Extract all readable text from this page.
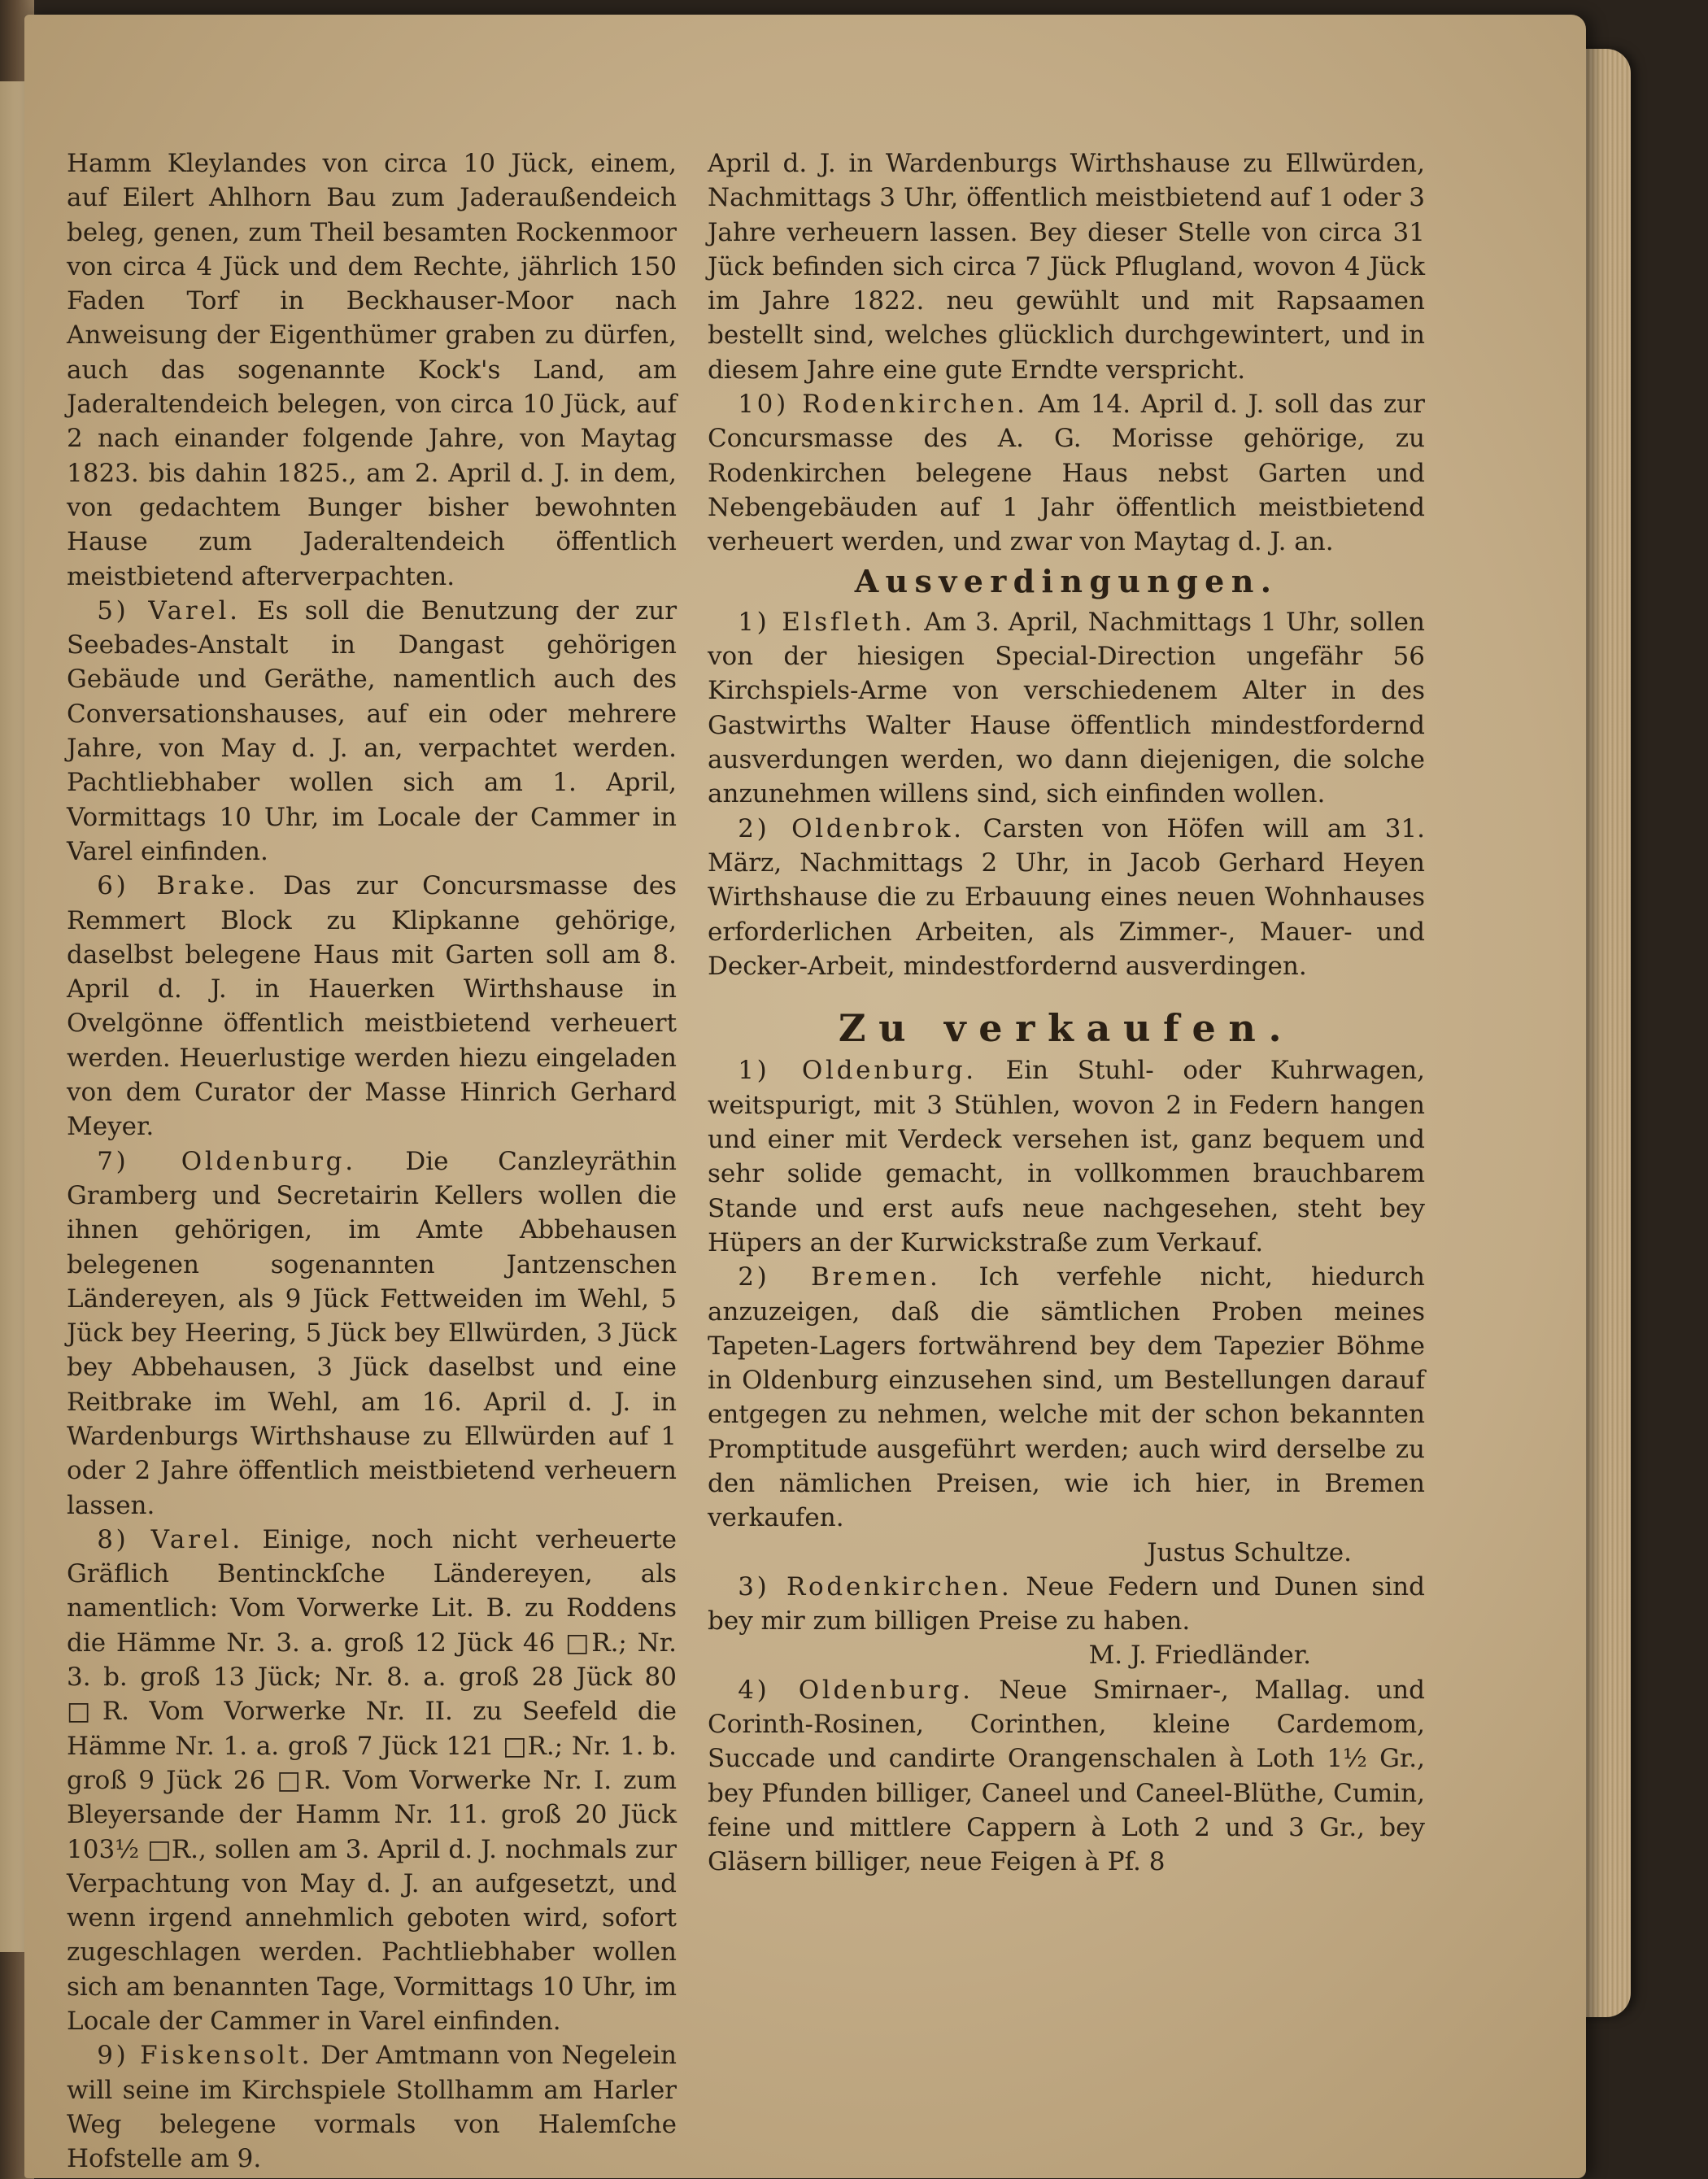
Hamm Kleylandes von circa 10 Jück, einem, auf Eilert Ahlhorn Bau zum Jaderaußendeich beleg, genen, zum Theil besamten Rockenmoor von circa 4 Jück und dem Rechte, jährlich 150 Faden Torf in Beckhauser-Moor nach Anweisung der Eigenthümer graben zu dürfen, auch das sogenannte Kock's Land, am Jaderaltendeich belegen, von circa 10 Jück, auf 2 nach einander folgende Jahre, von Maytag 1823. bis dahin 1825., am 2. April d. J. in dem, von gedachtem Bunger bisher bewohnten Hause zum Jaderaltendeich öffentlich meistbietend afterverpachten.

5) Varel. Es soll die Benutzung der zur Seebades-Anstalt in Dangast gehörigen Gebäude und Geräthe, namentlich auch des Conversationshauses, auf ein oder mehrere Jahre, von May d. J. an, verpachtet werden. Pachtliebhaber wollen sich am 1. April, Vormittags 10 Uhr, im Locale der Cammer in Varel einfinden.

6) Brake. Das zur Concursmasse des Remmert Block zu Klipkanne gehörige, daselbst belegene Haus mit Garten soll am 8. April d. J. in Hauerken Wirthshause in Ovelgönne öffentlich meistbietend verheuert werden. Heuerlustige werden hiezu eingeladen von dem Curator der Masse Hinrich Gerhard Meyer.

7) Oldenburg. Die Canzleyräthin Gramberg und Secretairin Kellers wollen die ihnen gehörigen, im Amte Abbehausen belegenen sogenannten Jantzenschen Ländereyen, als 9 Jück Fettweiden im Wehl, 5 Jück bey Heering, 5 Jück bey Ellwürden, 3 Jück bey Abbehausen, 3 Jück daselbst und eine Reitbrake im Wehl, am 16. April d. J. in Wardenburgs Wirthshause zu Ellwürden auf 1 oder 2 Jahre öffentlich meistbietend verheuern lassen.

8) Varel. Einige, noch nicht verheuerte Gräflich Bentinckſche Ländereyen, als namentlich: Vom Vorwerke Lit. B. zu Roddens die Hämme Nr. 3. a. groß 12 Jück 46 □R.; Nr. 3. b. groß 13 Jück; Nr. 8. a. groß 28 Jück 80 □R. Vom Vorwerke Nr. II. zu Seefeld die Hämme Nr. 1. a. groß 7 Jück 121 □R.; Nr. 1. b. groß 9 Jück 26 □R. Vom Vorwerke Nr. I. zum Bleyersande der Hamm Nr. 11. groß 20 Jück 103½ □R., sollen am 3. April d. J. nochmals zur Verpachtung von May d. J. an aufgesetzt, und wenn irgend annehmlich geboten wird, sofort zugeschlagen werden. Pachtliebhaber wollen sich am benannten Tage, Vormittags 10 Uhr, im Locale der Cammer in Varel einfinden.

9) Fiskensolt. Der Amtmann von Negelein will seine im Kirchspiele Stollhamm am Harler Weg belegene vormals von Halemſche Hofstelle am 9.

April d. J. in Wardenburgs Wirthshause zu Ellwürden, Nachmittags 3 Uhr, öffentlich meistbietend auf 1 oder 3 Jahre verheuern lassen. Bey dieser Stelle von circa 31 Jück befinden sich circa 7 Jück Pflugland, wovon 4 Jück im Jahre 1822. neu gewühlt und mit Rapsaamen bestellt sind, welches glücklich durchgewintert, und in diesem Jahre eine gute Erndte verspricht.

10) Rodenkirchen. Am 14. April d. J. soll das zur Concursmasse des A. G. Morisse gehörige, zu Rodenkirchen belegene Haus nebst Garten und Nebengebäuden auf 1 Jahr öffentlich meistbietend verheuert werden, und zwar von Maytag d. J. an.

Ausverdingungen.

1) Elsfleth. Am 3. April, Nachmittags 1 Uhr, sollen von der hiesigen Special-Direction ungefähr 56 Kirchspiels-Arme von verschiedenem Alter in des Gastwirths Walter Hause öffentlich mindestfordernd ausverdungen werden, wo dann diejenigen, die solche anzunehmen willens sind, sich einfinden wollen.

2) Oldenbrok. Carsten von Höfen will am 31. März, Nachmittags 2 Uhr, in Jacob Gerhard Heyen Wirthshause die zu Erbauung eines neuen Wohnhauses erforderlichen Arbeiten, als Zimmer-, Mauer- und Decker-Arbeit, mindestfordernd ausverdingen.

Zu verkaufen.

1) Oldenburg. Ein Stuhl- oder Kuhrwagen, weitspurigt, mit 3 Stühlen, wovon 2 in Federn hangen und einer mit Verdeck versehen ist, ganz bequem und sehr solide gemacht, in vollkommen brauchbarem Stande und erst aufs neue nachgesehen, steht bey Hüpers an der Kurwickstraße zum Verkauf.

2) Bremen. Ich verfehle nicht, hiedurch anzuzeigen, daß die sämtlichen Proben meines Tapeten-Lagers fortwährend bey dem Tapezier Böhme in Oldenburg einzusehen sind, um Bestellungen darauf entgegen zu nehmen, welche mit der schon bekannten Promptitude ausgeführt werden; auch wird derselbe zu den nämlichen Preisen, wie ich hier, in Bremen verkaufen.

Justus Schultze.

3) Rodenkirchen. Neue Federn und Dunen sind bey mir zum billigen Preise zu haben.

M. J. Friedländer.

4) Oldenburg. Neue Smirnaer-, Mallag. und Corinth-Rosinen, Corinthen, kleine Cardemom, Succade und candirte Orangenschalen à Loth 1½ Gr., bey Pfunden billiger, Caneel und Caneel-Blüthe, Cumin, feine und mittlere Cappern à Loth 2 und 3 Gr., bey Gläsern billiger, neue Feigen à Pf. 8
